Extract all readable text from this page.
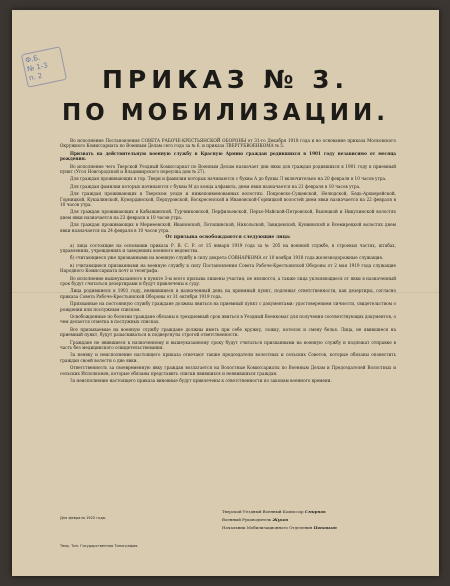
Ф.Б.
№ 1-3
п. 2	ПРИКАЗ № 3.
ПО МОБИЛИЗАЦИИ.

Во исполнение Постановления СОВЕТА РАБОЧЕ-КРЕСТЬЯНСКОЙ ОБОРОНЫ от 31-го Декабря 1918 года и во основание приказа Московского Окружного Комиссариата по Военным Делам сего года за № 6, и приказа ТВЕРГУБВОЕНКОМА № 5.

Призвать на действительную военную службу в Красную Армию граждан родившихся в 1901 году независимо от месяца рождения.

Во исполнение чего Тверской Уездный Комиссариат по Военным Делам назначает дни явки для граждан родившихся в 1901 году в приемный пункт (Угол Новгородской и Владимирского переулка дом № 27).

Для граждан проживающих в гор. Твери и фамилии которых начинаются с буквы А до буквы Л включительно на 20 февраля в 10 часов утра.

Для граждан фамилии которых начинаются с буквы М до конца алфавита, днем явки назначается на 21 февраля в 10 часов утра.

Для граждан проживающих в Тверском уезде и нижепоименованных волостях: Покровско-Сущевской, Нелюдской, Бедь-Архиерейской, Горницкой, Кушалинской, Кумординской, Перхуровской, Воскресенской и Ивановской-Горницкой волостей днем явки назначается на 22 февраля в 10 часов утра.

Для граждан проживающих в Кабыжинской, Турчинковской, Перфильевской, Перхо-Майской-Петровской, Выпецкой и Никулинской волостях днем явки назначается на 23 февраля в 10 часов утра.

Для граждан проживающих в Мермеевской, Ивановской, Лотошинской, Никольской, Завидовской, Кунвинской и Всемирецкой волостях днем явки назначается на 24 февраля в 10 часов утра.

От призыва освобождаются следующие лица:

а) лица состоящие на основании приказа Р. В. С. Р. от 15 января 1919 года за № 205 на военной службе, в строевых частях, штабах, управлениях, учреждениях и заведениях военного ведомства.

б) считающиеся уже призванными на военную службу в силу декрета СОВНАРКОМА от 10 ноября 1918 года железнодорожные служащие.

в) считающиеся призванными на военную службу в силу Постановления Совета Рабоче-Крестьянской Обороны от 2 мая 1919 года служащие Народного Комиссариата почт и телеграфа.

Во исполнение вышеуказанного в пункте 3-м всего призыва лишены участия, не являются, а также лица уклоняющиеся от явки в назначенный срок будут считаться дезертирами и будут привлечены к суду.

Лица родившиеся в 1901 году, неявившиеся в назначенный день на приемный пункт, подлежат ответственности, как дезертиры, согласно приказа Совета Рабоче-Крестьянской Обороны от 31 октября 1919 года.

Призванные на постоянную службу граждане должны явиться на приемный пункт с документами: удостоверением личности, свидетельством о рождении или послужным списком.

Освобожденные по болезни граждане обязаны в трехдневный срок явиться в Уездный Военкомат для получения соответствующих документов, о чем делается отметка в послужных списках.

Все призываемые на военную службу граждане должны иметь при себе кружку, ложку, котелок и смену белья. Лица, не явившиеся на приемный пункт, будут разыскиваться и подвергнуты строгой ответственности.

Граждане не явившиеся к назначенному и вышеуказанному сроку будут считаться призванными на военную службу и подлежат отправке в часть без медицинского освидетельствования.

За неявку и неисполнение настоящего приказа отвечают также председатели волостных и сельских Советов, которые обязаны оповестить граждан своей волости о дне явки.

Ответственность за своевременную явку граждан возлагается на Волостные Комиссариаты по Военным Делам и Председателей Волостных и сельских Исполкомов, которые обязаны представить списки явившихся и неявившихся граждан.

За неисполнение настоящего приказа виновные будут привлечены к ответственности по законам военного времени.

Дня февраля 1920 года.
Тверской Уездный Военный Комиссар Смирнов
Военный Руководитель Жуков
Начальник Мобилизационного Отделения Поповкин
Твер. Тип. Государственная Типография.
